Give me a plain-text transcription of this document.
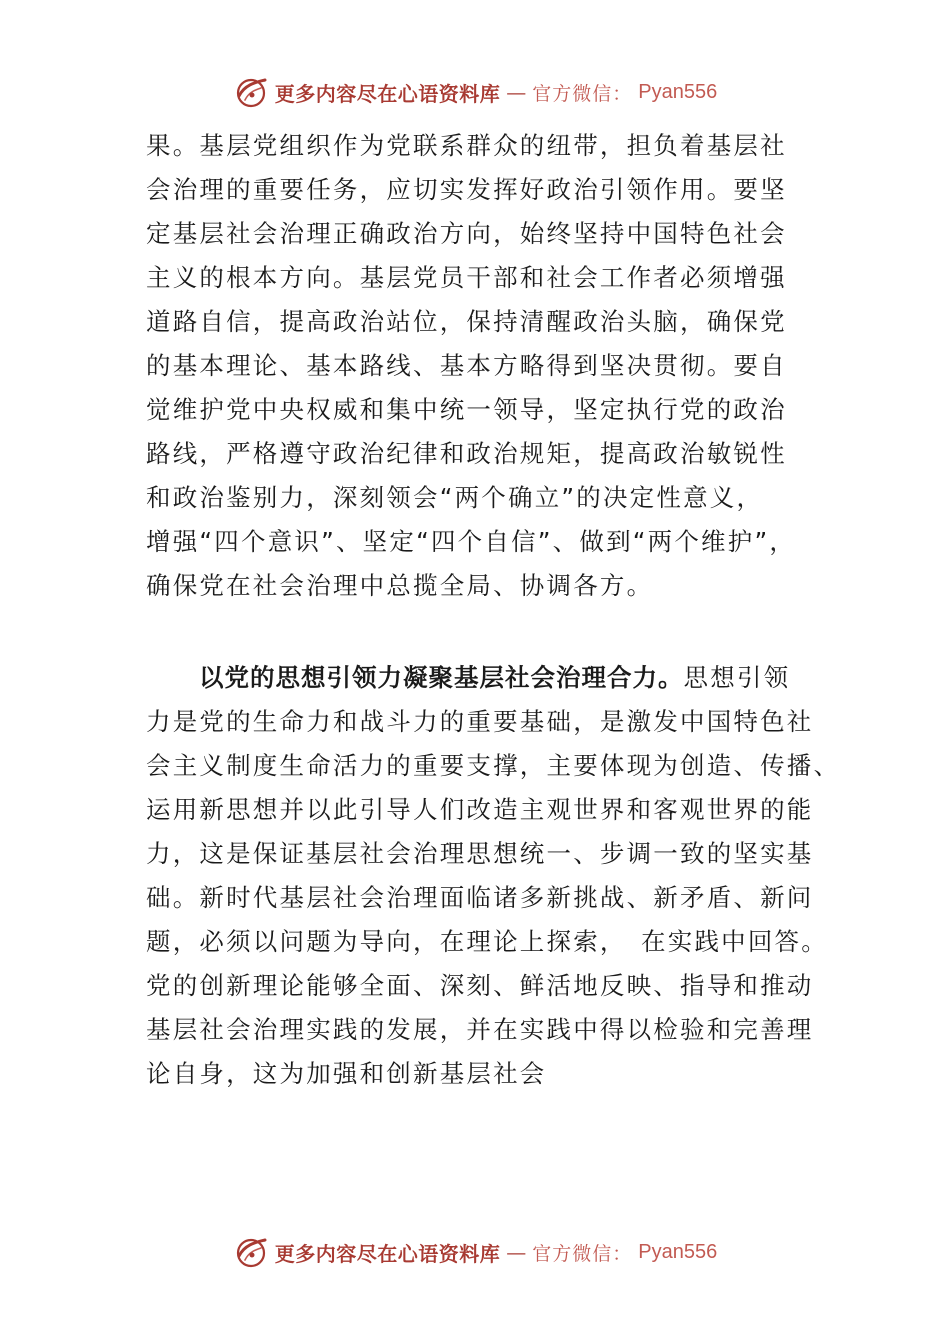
更多内容尽在心语资料库 — 官方微信： Pyan556
果。基层党组织作为党联系群众的纽带，担负着基层社
会治理的重要任务，应切实发挥好政治引领作用。要坚
定基层社会治理正确政治方向，始终坚持中国特色社会
主义的根本方向。基层党员干部和社会工作者必须增强
道路自信，提高政治站位，保持清醒政治头脑，确保党
的基本理论、基本路线、基本方略得到坚决贯彻。要自
觉维护党中央权威和集中统一领导，坚定执行党的政治
路线，严格遵守政治纪律和政治规矩，提高政治敏锐性
和政治鉴别力，深刻领会“两个确立”的决定性意义，
增强“四个意识”、坚定“四个自信”、做到“两个维护”，
确保党在社会治理中总揽全局、协调各方。
以党的思想引领力凝聚基层社会治理合力。思想引领
力是党的生命力和战斗力的重要基础，是激发中国特色社
会主义制度生命活力的重要支撑，主要体现为创造、传播、
运用新思想并以此引导人们改造主观世界和客观世界的能
力，这是保证基层社会治理思想统一、步调一致的坚实基
础。新时代基层社会治理面临诸多新挑战、新矛盾、新问
题，必须以问题为导向，在理论上探索，　在实践中回答。
党的创新理论能够全面、深刻、鲜活地反映、指导和推动
基层社会治理实践的发展，并在实践中得以检验和完善理
论自身，这为加强和创新基层社会
更多内容尽在心语资料库 — 官方微信： Pyan556
